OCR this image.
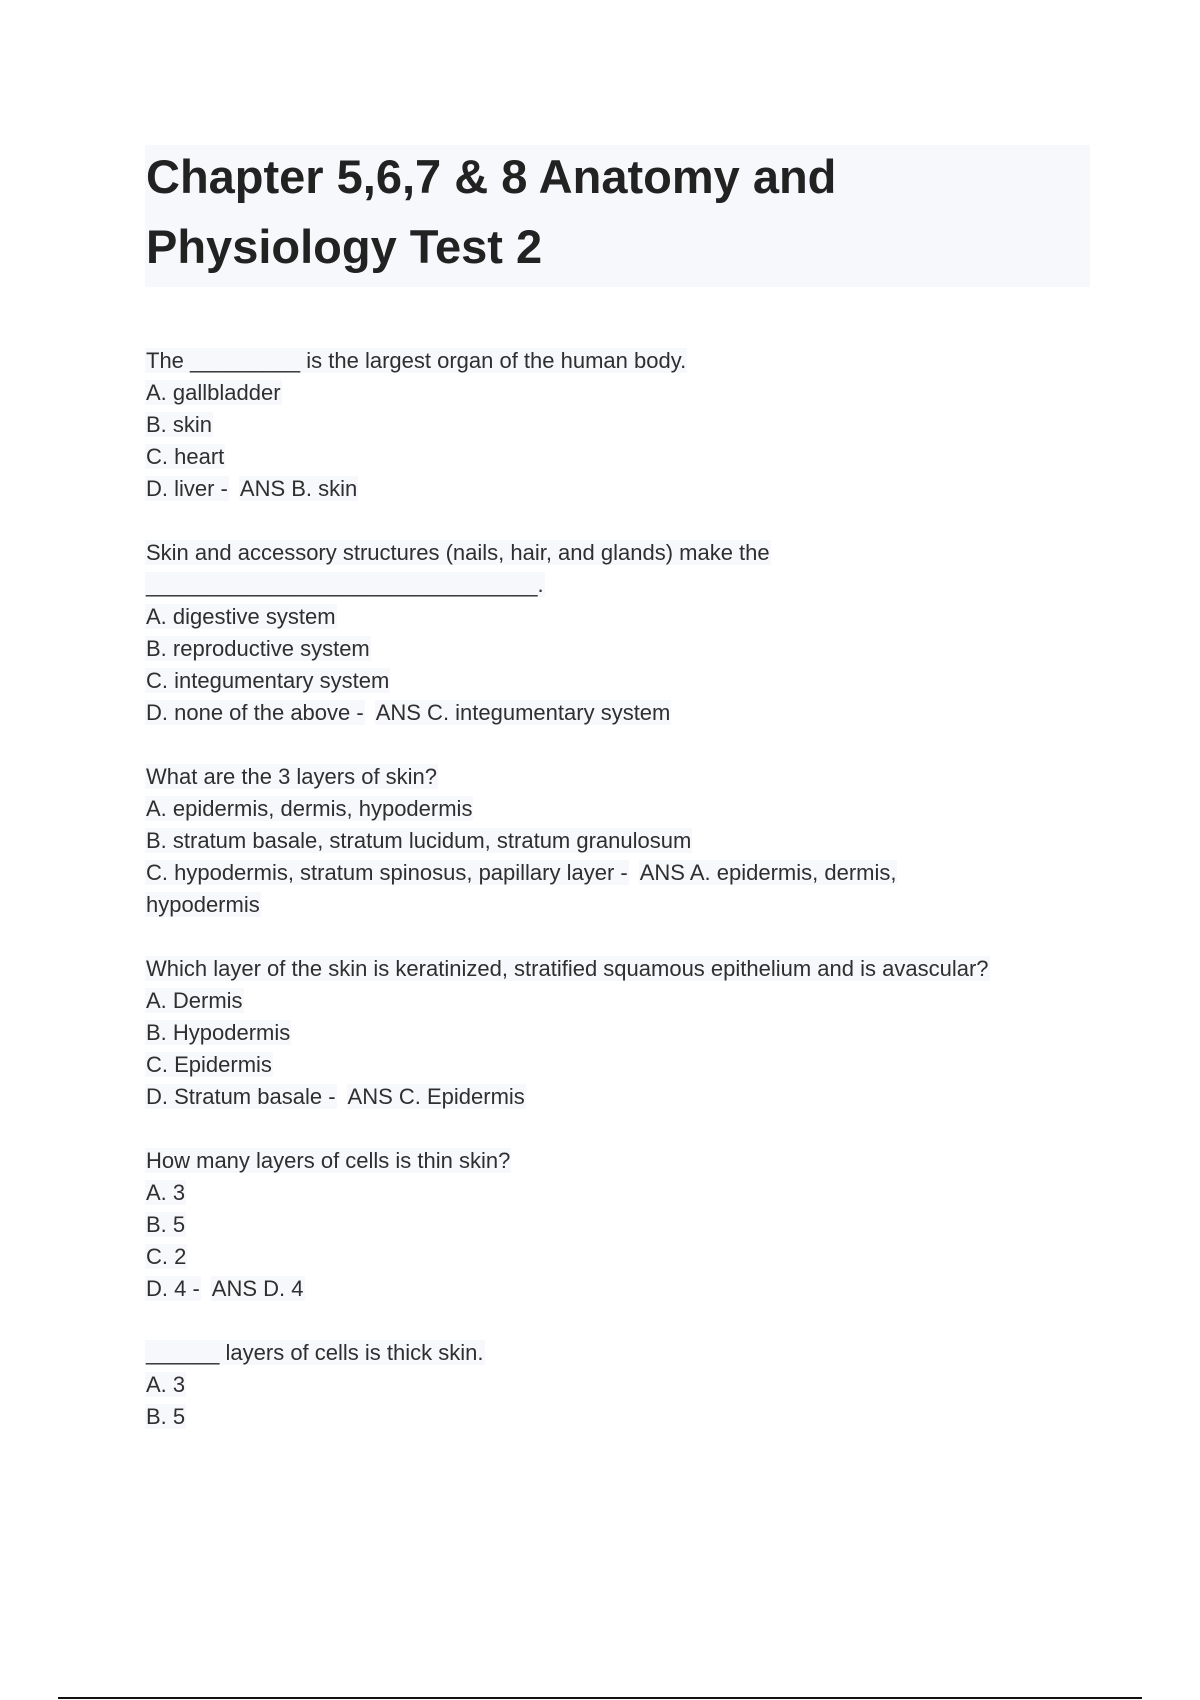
Chapter 5,6,7 & 8 Anatomy and Physiology Test 2
The _________ is the largest organ of the human body.
A. gallbladder
B. skin
C. heart
D. liver - ANS B. skin
Skin and accessory structures (nails, hair, and glands) make the
________________________________.
A. digestive system
B. reproductive system
C. integumentary system
D. none of the above - ANS C. integumentary system
What are the 3 layers of skin?
A. epidermis, dermis, hypodermis
B. stratum basale, stratum lucidum, stratum granulosum
C. hypodermis, stratum spinosus, papillary layer - ANS A. epidermis, dermis,
hypodermis
Which layer of the skin is keratinized, stratified squamous epithelium and is avascular?
A. Dermis
B. Hypodermis
C. Epidermis
D. Stratum basale - ANS C. Epidermis
How many layers of cells is thin skin?
A. 3
B. 5
C. 2
D. 4 - ANS D. 4
______ layers of cells is thick skin.
A. 3
B. 5
